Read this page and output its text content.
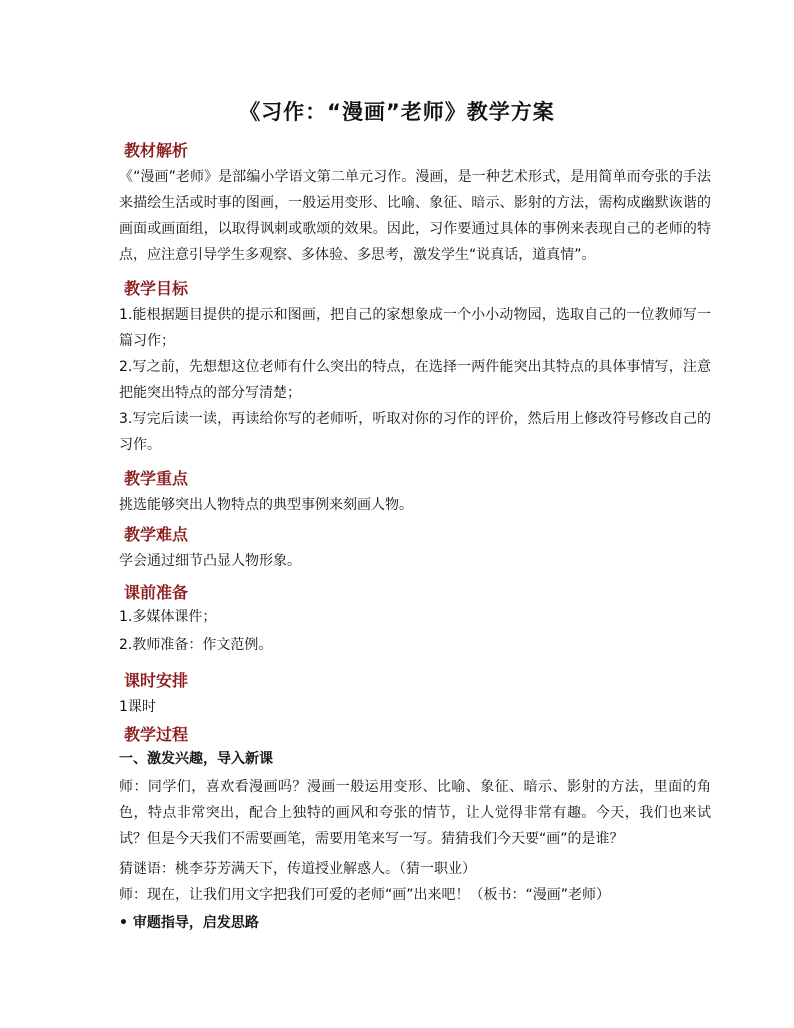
《习作：“漫画”老师》教学方案
教材解析
《“漫画”老师》是部编小学语文第二单元习作。漫画，是一种艺术形式，是用简单而夸张的手法来描绘生活或时事的图画，一般运用变形、比喻、象征、暗示、影射的方法，需构成幽默诙谐的画面或画面组，以取得讽刺或歌颂的效果。因此，习作要通过具体的事例来表现自己的老师的特点，应注意引导学生多观察、多体验、多思考，激发学生“说真话，道真情”。
教学目标
1.能根据题目提供的提示和图画，把自己的家想象成一个小小动物园，选取自己的一位教师写一篇习作；
2.写之前，先想想这位老师有什么突出的特点，在选择一两件能突出其特点的具体事情写，注意把能突出特点的部分写清楚；
3.写完后读一读，再读给你写的老师听，听取对你的习作的评价，然后用上修改符号修改自己的习作。
教学重点
挑选能够突出人物特点的典型事例来刻画人物。
教学难点
学会通过细节凸显人物形象。
课前准备
1.多媒体课件；
2.教师准备：作文范例。
课时安排
1课时
教学过程
一、激发兴趣，导入新课
师：同学们，喜欢看漫画吗？漫画一般运用变形、比喻、象征、暗示、影射的方法，里面的角色，特点非常突出，配合上独特的画风和夸张的情节，让人觉得非常有趣。今天，我们也来试试？但是今天我们不需要画笔，需要用笔来写一写。猜猜我们今天要“画”的是谁？
猜谜语：桃李芬芳满天下，传道授业解惑人。（猜一职业）
师：现在，让我们用文字把我们可爱的老师“画”出来吧！（板书：“漫画”老师）
• 审题指导，启发思路
